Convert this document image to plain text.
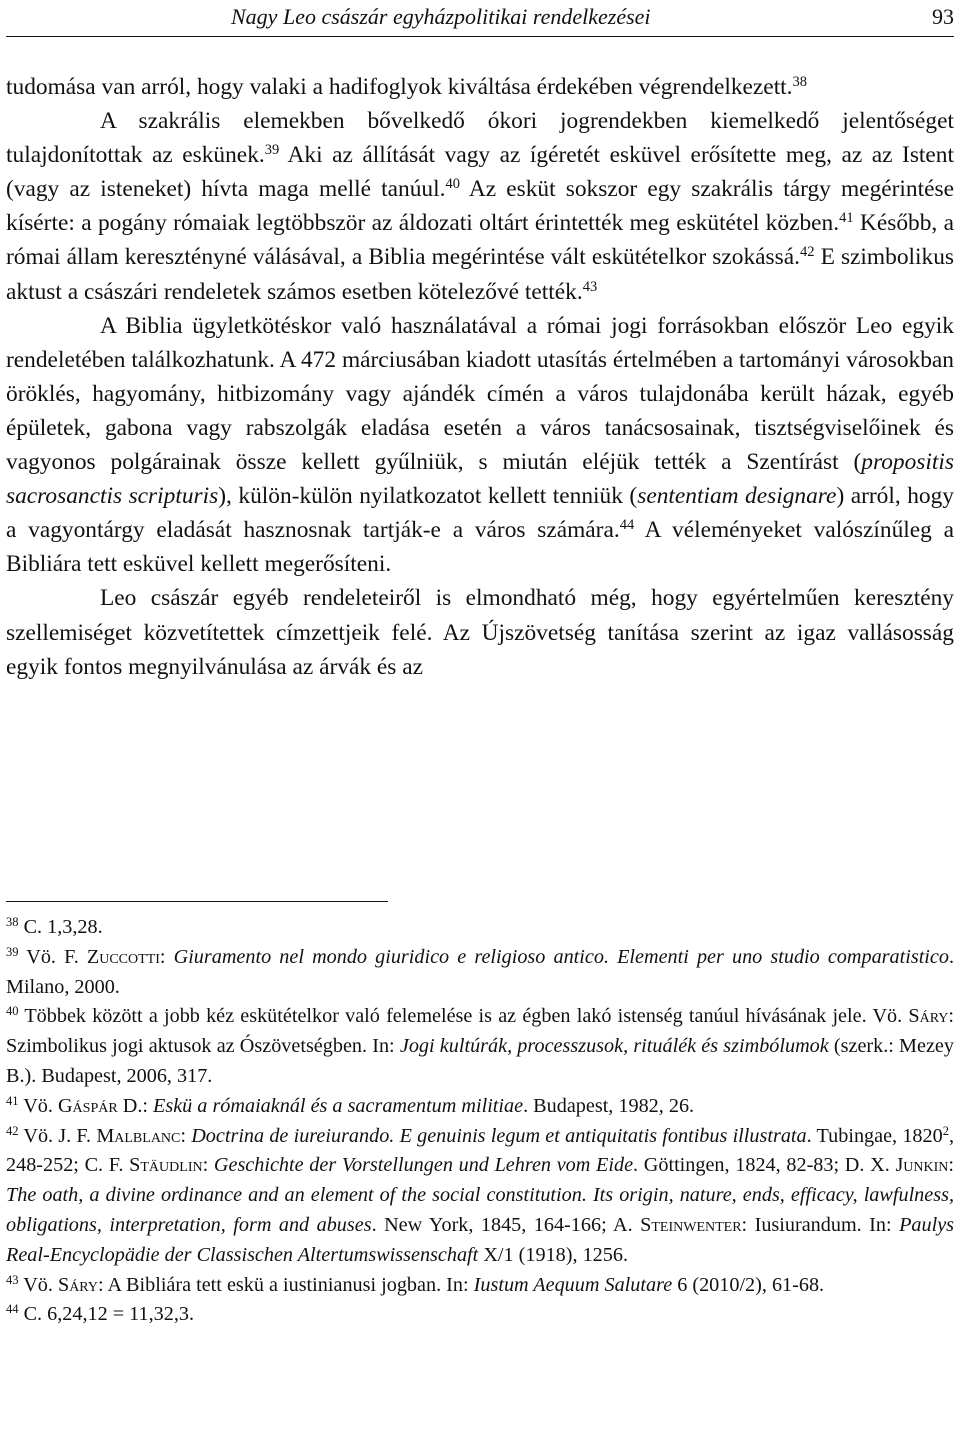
Nagy Leo császár egyházpolitikai rendelkezései	93

tudomása van arról, hogy valaki a hadifoglyok kiváltása érdekében végrendelkezett.$^{38}$

A szakrális elemekben bővelkedő ókori jogrendekben kiemelkedő jelentőséget tulajdonítottak az eskünek.$^{39}$ Aki az állítását vagy az ígéretét esküvel erősítette meg, az az Istent (vagy az isteneket) hívta maga mellé tanúul.$^{40}$ Az esküt sokszor egy szakrális tárgy megérintése kísérte: a pogány rómaiak legtöbbször az áldozati oltárt érintették meg eskütétel közben.$^{41}$ Később, a római állam keresztényné válásával, a Biblia megérintése vált eskütételkor szokássá.$^{42}$ E szimbolikus aktust a császári rendeletek számos esetben kötelezővé tették.$^{43}$

A Biblia ügyletkötéskor való használatával a római jogi forrásokban először Leo egyik rendeletében találkozhatunk. A 472 márciusában kiadott utasítás értelmében a tartományi városokban öröklés, hagyomány, hitbizomány vagy ajándék címén a város tulajdonába került házak, egyéb épületek, gabona vagy rabszolgák eladása esetén a város tanácsosainak, tisztségviselőinek és vagyonos polgárainak össze kellett gyűlniük, s miután eléjük tették a Szentírást (propositis sacrosanctis scripturis), külön-külön nyilatkozatot kellett tenniük (sententiam designare) arról, hogy a vagyontárgy eladását hasznosnak tartják-e a város számára.$^{44}$ A véleményeket valószínűleg a Bibliára tett esküvel kellett megerősíteni.

Leo császár egyéb rendeleteiről is elmondható még, hogy egyértelműen keresztény szellemiséget közvetítettek címzettjeik felé. Az Újszövetség tanítása szerint az igaz vallásosság egyik fontos megnyilvánulása az árvák és az

$^{38}$ C. 1,3,28.

$^{39}$ Vö. F. Zuccotti: Giuramento nel mondo giuridico e religioso antico. Elementi per uno studio comparatistico. Milano, 2000.

$^{40}$ Többek között a jobb kéz eskütételkor való felemelése is az égben lakó istenség tanúul hívásának jele. Vö. Sáry: Szimbolikus jogi aktusok az Ószövetségben. In: Jogi kultúrák, processzusok, rituálék és szimbólumok (szerk.: Mezey B.). Budapest, 2006, 317.

$^{41}$ Vö. Gáspár D.: Eskü a rómaiaknál és a sacramentum militiae. Budapest, 1982, 26.

$^{42}$ Vö. J. F. Malblanc: Doctrina de iureiurando. E genuinis legum et antiquitatis fontibus illustrata. Tubingae, 1820$^2$, 248-252; C. F. Stäudlin: Geschichte der Vorstellungen und Lehren vom Eide. Göttingen, 1824, 82-83; D. X. Junkin: The oath, a divine ordinance and an element of the social constitution. Its origin, nature, ends, efficacy, lawfulness, obligations, interpretation, form and abuses. New York, 1845, 164-166; A. Steinwenter: Iusiurandum. In: Paulys Real-Encyclopädie der Classischen Altertumswissenschaft X/1 (1918), 1256.

$^{43}$ Vö. Sáry: A Bibliára tett eskü a iustinianusi jogban. In: Iustum Aequum Salutare 6 (2010/2), 61-68.

$^{44}$ C. 6,24,12 = 11,32,3.
